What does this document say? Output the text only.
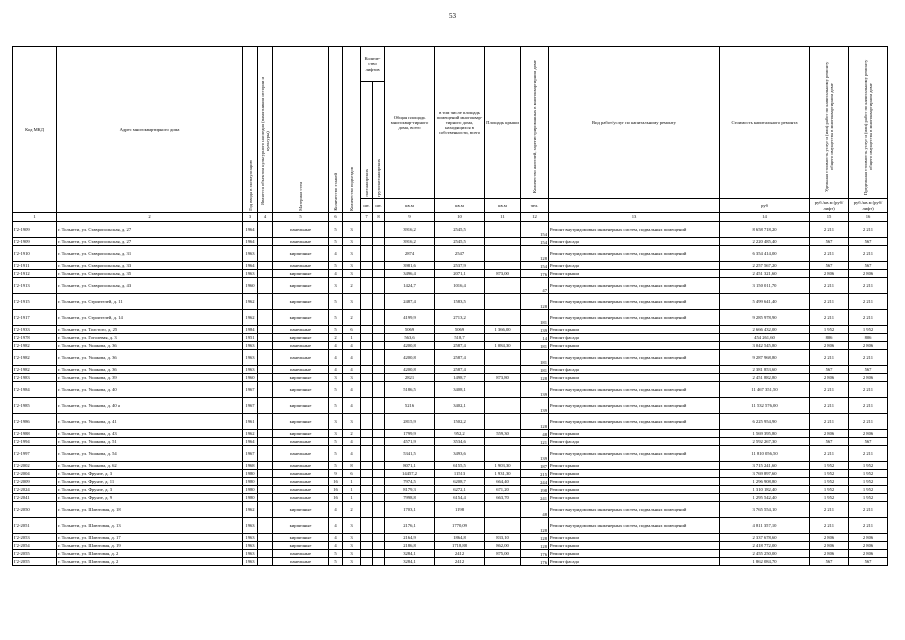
53
Код МКД	Адрес многоквартирного дома	Год ввода в эксплуатацию	Является объектом культурного наследия (памятником истории и культуры)	Материал стен	Количество этажей	Количество подъездов	Количе-ство лифтов		Общая площадь многоквар-тирного дома, всего	в том числе площадь помещений многоквар-тирного дома, находящихся в собственности, всего	Площадь крыши	Количество жителей, зарегистрированных в многоквартирном доме	Вид работ/услуг по капитальному ремонту	Стоимость капитального ремонта	Удельная стоимость услуг и (или) работ по капитальному ремонту общего имущества в многоквартирном доме	Предельная стоимость услуг и (или) работ по капитальному ремонту общего имущества в многоквартирном доме
							пассажирских	грузопассажирских								
							шт.	шт.	кв.м	кв.м	кв.м	чел.		руб	руб./кв.м (руб/лифт)	руб./кв.м (руб/лифт)
1	2	3	4	5	6		7	8	9	10	11	12	13	14	15	16
Г2-1909	г. Тольятти, ул. Ставропольская, д. 27	1964		панельные	5	3			3916,2	2545,5		154	Ремонт внутридомовых инженерных систем, подвальных помещений	8 658 718,20	2 211	2 211
Г2-1909	г. Тольятти, ул. Ставропольская, д. 27	1964		панельные	5	3			3916,2	2545,5		154	Ремонт фасада	2 220 485,40	567	567
Г2-1910	г. Тольятти, ул. Ставропольская, д. 31	1963		кирпичные	4	3			2874	2547		128	Ремонт внутридомовых инженерных систем, подвальных помещений	6 354 414,00	2 211	2 211
Г2-1911	г. Тольятти, ул. Ставропольская, д. 33	1964		панельные	5	3			3981,6	2537,9		154	Ремонт фасада	2 257 567,20	567	567
Г2-1912	г. Тольятти, ул. Ставропольская, д. 35	1963		кирпичные	4	3			3496,4	2071,1	873,00	176	Ремонт крыши	2 451 321,60	2 806	2 806
Г2-1913	г. Тольятти, ул. Ставропольская, д. 43	1960		кирпичные	3	2			1424,7	1016,4		47	Ремонт внутридомовых инженерных систем, подвальных помещений	3 150 011,70	2 211	2 211
Г2-1915	г. Тольятти, ул. Строителей, д. 11	1962		кирпичные	5	3			2487,4	1583,5		128	Ремонт внутридомовых инженерных систем, подвальных помещений	5 499 641,40	2 211	2 211
Г2-1917	г. Тольятти, ул. Строителей, д. 14	1962		кирпичные	5	2			4199,9	2713,2		181	Ремонт внутридомовых инженерных систем, подвальных помещений	9 285 978,90	2 211	2 211
Г2-1933	г. Тольятти, ул. Толстого, д. 25	1984		панельные	5	6			5069	5069	1 366,00	139	Ремонт крыши	2 666 432,00	1 952	1 952
Г2-1978	г. Тольятти, ул. Гоголевая, д. 3	1951		кирпичные	2	1			563,6	518,7		14	Ремонт фасада	454 261,60	806	806
Г2-1982	г. Тольятти, ул. Ушакова, д. 36	1963		панельные	4	4			4200,8	2587,4	1 084,30	181	Ремонт крыши	3 042 545,80	2 806	2 806
Г2-1982	г. Тольятти, ул. Ушакова, д. 36	1963		панельные	4	4			4200,8	2587,4		181	Ремонт внутридомовых инженерных систем, подвальных помещений	9 287 968,80	2 211	2 211
Г2-1982	г. Тольятти, ул. Ушакова, д. 36	1963		панельные	4	4			4200,8	2587,4		181	Ремонт фасада	2 381 853,60	567	567
Г2-1983	г. Тольятти, ул. Ушакова, д. 39	1960		кирпичные	3	3			2821	1498,7	873,80	128	Ремонт крыши	2 451 882,80	2 806	2 806
Г2-1984	г. Тольятти, ул. Ушакова, д. 40	1967		кирпичные	5	4			5186,5	3408,1		139	Ремонт внутридомовых инженерных систем, подвальных помещений	11 467 351,50	2 211	2 211
Г2-1985	г. Тольятти, ул. Ушакова, д. 40 а	1967		кирпичные	5	4			5216	3402,1		139	Ремонт внутридомовых инженерных систем, подвальных помещений	11 532 576,00	2 211	2 211
Г2-1986	г. Тольятти, ул. Ушакова, д. 41	1961		кирпичные	3	3			2815,9	1502,2		128	Ремонт внутридомовых инженерных систем, подвальных помещений	6 225 954,90	2 211	2 211
Г2-1988	г. Тольятти, ул. Ушакова, д. 43	1962		кирпичные	3	2			1799,9	952,2	559,30	48	Ремонт крыши	1 569 395,80	2 806	2 806
Г2-1994	г. Тольятти, ул. Ушакова, д. 51	1964		панельные	5	4			4571,9	3534,6		121	Ремонт фасада	2 592 267,30	567	567
Г2-1997	г. Тольятти, ул. Ушакова, д. 54	1967		панельные	5	4			5341,5	3493,6		139	Ремонт внутридомовых инженерных систем, подвальных помещений	11 810 056,50	2 211	2 211
Г2-2002	г. Тольятти, ул. Ушакова, д. 62	1968		панельные	5	8			8071,1	6155,5	1 903,30	187	Ремонт крыши	3 715 241,60	1 952	1 952
Г2-2004	г. Тольятти, ул. Фрунзе, д. 3	1980		панельные	9	6			14457,2	11513	1 931,30	215	Ремонт крыши	3 769 897,60	1 952	1 952
Г2-2009	г. Тольятти, ул. Фрунзе, д. 11	1980		панельные	16	1			7974,5	6208,7	664,40	244	Ремонт крыши	1 296 908,80	1 952	1 952
Г2-2024	г. Тольятти, ул. Фрунзе, д. 3	1980		панельные	16	1			8179,3	6272,1	671,20	198	Ремонт крыши	1 310 182,40	1 952	1 952
Г2-2041	г. Тольятти, ул. Фрунзе, д. 9	1980		панельные	16	1			7998,8	6154,4	663,70	241	Ремонт крыши	1 295 542,40	1 952	1 952
Г2-2050	г. Тольятти, ул. Шлютовая, д. 18	1962		кирпичные	4	2			1703,1	1198		48	Ремонт внутридомовых инженерных систем, подвальных помещений	3 765 554,10	2 211	2 211
Г2-2051	г. Тольятти, ул. Шлютовая, д. 13	1963		кирпичные	4	3			2176,1	1770,09		128	Ремонт внутридомовых инженерных систем, подвальных помещений	4 811 357,10	2 211	2 211
Г2-2053	г. Тольятти, ул. Шлютовая, д. 17	1963		кирпичные	4	3			2164,9	1864,8	833,10	128	Ремонт крыши	2 337 678,60	2 806	2 806
Г2-2054	г. Тольятти, ул. Шлютовая, д. 19	1963		кирпичные	4	3			2186,8	1718,88	862,00	128	Ремонт крыши	2 418 772,00	2 806	2 806
Г2-2055	г. Тольятти, ул. Шлютовая, д. 2	1963		панельные	5	3			3284,1	2412	875,00	176	Ремонт крыши	2 455 250,00	2 806	2 806
Г2-2055	г. Тольятти, ул. Шлютовая, д. 2	1963		панельные	5	3			3284,1	2412		176	Ремонт фасада	1 862 084,70	567	567
